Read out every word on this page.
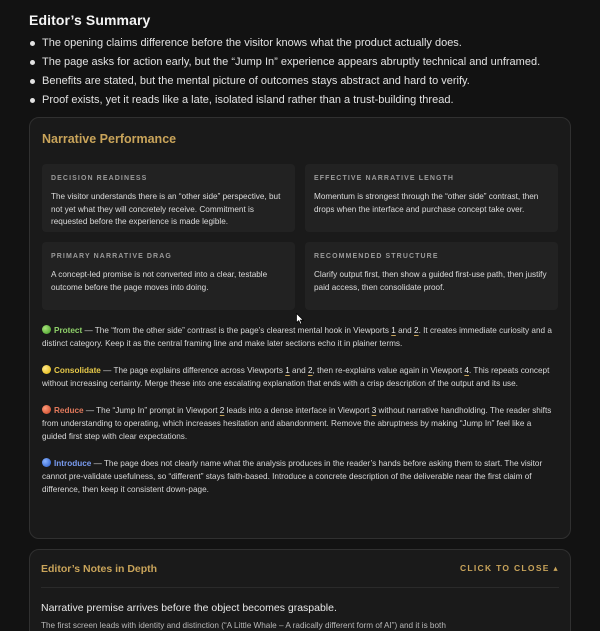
Editor’s Summary
The opening claims difference before the visitor knows what the product actually does.
The page asks for action early, but the “Jump In” experience appears abruptly technical and unframed.
Benefits are stated, but the mental picture of outcomes stays abstract and hard to verify.
Proof exists, yet it reads like a late, isolated island rather than a trust-building thread.
Narrative Performance
DECISION READINESS
The visitor understands there is an “other side” perspective, but not yet what they will concretely receive. Commitment is requested before the experience is made legible.
EFFECTIVE NARRATIVE LENGTH
Momentum is strongest through the “other side” contrast, then drops when the interface and purchase concept take over.
PRIMARY NARRATIVE DRAG
A concept-led promise is not converted into a clear, testable outcome before the page moves into doing.
RECOMMENDED STRUCTURE
Clarify output first, then show a guided first-use path, then justify paid access, then consolidate proof.

Protect — The “from the other side” contrast is the page’s clearest mental hook in Viewports 1 and 2. It creates immediate curiosity and a distinct category. Keep it as the central framing line and make later sections echo it in plainer terms.

Consolidate — The page explains difference across Viewports 1 and 2, then re-explains value again in Viewport 4. This repeats concept without increasing certainty. Merge these into one escalating explanation that ends with a crisp description of the output and its use.

Reduce — The “Jump In” prompt in Viewport 2 leads into a dense interface in Viewport 3 without narrative handholding. The reader shifts from understanding to operating, which increases hesitation and abandonment. Remove the abruptness by making “Jump In” feel like a guided first step with clear expectations.

Introduce — The page does not clearly name what the analysis produces in the reader’s hands before asking them to start. The visitor cannot pre-validate usefulness, so “different” stays faith-based. Introduce a concrete description of the deliverable near the first claim of difference, then keep it consistent down-page.

Editor’s Notes in Depth	CLICK TO CLOSE ▴
Narrative premise arrives before the object becomes graspable.
The first screen leads with identity and distinction (“A Little Whale – A radically different form of AI”) and it is both
